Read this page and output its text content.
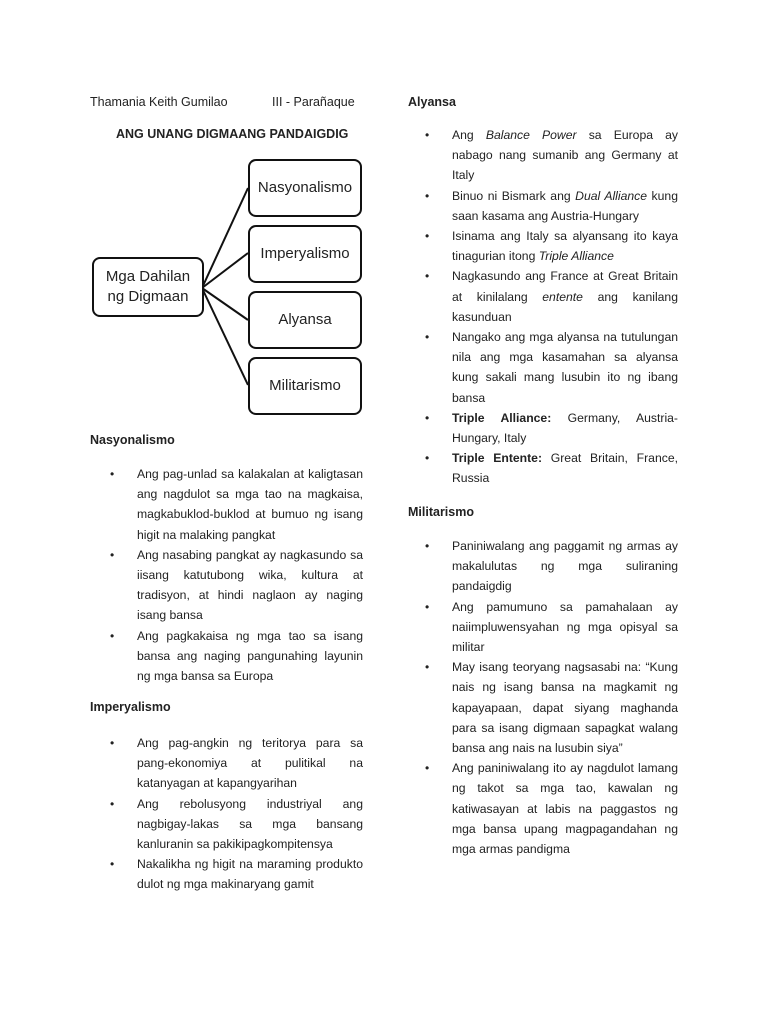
Thamania Keith Gumilao	III - Parañaque
ANG UNANG DIGMAANG PANDAIGDIG
Mga Dahilan
ng Digmaan
Nasyonalismo
Imperyalismo
Alyansa
Militarismo
Nasyonalismo
• Ang pag-unlad sa kalakalan at kaligtasan ang nagdulot sa mga tao na magkaisa, magkabuklod-buklod at bumuo ng isang higit na malaking pangkat
• Ang nasabing pangkat ay nagkasundo sa iisang katutubong wika, kultura at tradisyon, at hindi naglaon ay naging isang bansa
• Ang pagkakaisa ng mga tao sa isang bansa ang naging pangunahing layunin ng mga bansa sa Europa
Imperyalismo
• Ang pag-angkin ng teritorya para sa pang-ekonomiya at pulitikal na katanyagan at kapangyarihan
• Ang rebolusyong industriyal ang nagbigay-lakas sa mga bansang kanluranin sa pakikipagkompitensya
• Nakalikha ng higit na maraming produkto dulot ng mga makinaryang gamit
Alyansa
• Ang Balance Power sa Europa ay nabago nang sumanib ang Germany at Italy
• Binuo ni Bismark ang Dual Alliance kung saan kasama ang Austria-Hungary
• Isinama ang Italy sa alyansang ito kaya tinagurian itong Triple Alliance
• Nagkasundo ang France at Great Britain at kinilalang entente ang kanilang kasunduan
• Nangako ang mga alyansa na tutulungan nila ang mga kasamahan sa alyansa kung sakali mang lusubin ito ng ibang bansa
• Triple Alliance: Germany, Austria-Hungary, Italy
• Triple Entente: Great Britain, France, Russia
Militarismo
• Paniniwalang ang paggamit ng armas ay makalulutas ng mga suliraning pandaigdig
• Ang pamumuno sa pamahalaan ay naiimpluwensyahan ng mga opisyal sa militar
• May isang teoryang nagsasabi na: “Kung nais ng isang bansa na magkamit ng kapayapaan, dapat siyang maghanda para sa isang digmaan sapagkat walang bansa ang nais na lusubin siya”
• Ang paniniwalang ito ay nagdulot lamang ng takot sa mga tao, kawalan ng katiwasayan at labis na paggastos ng mga bansa upang magpagandahan ng mga armas pandigma
